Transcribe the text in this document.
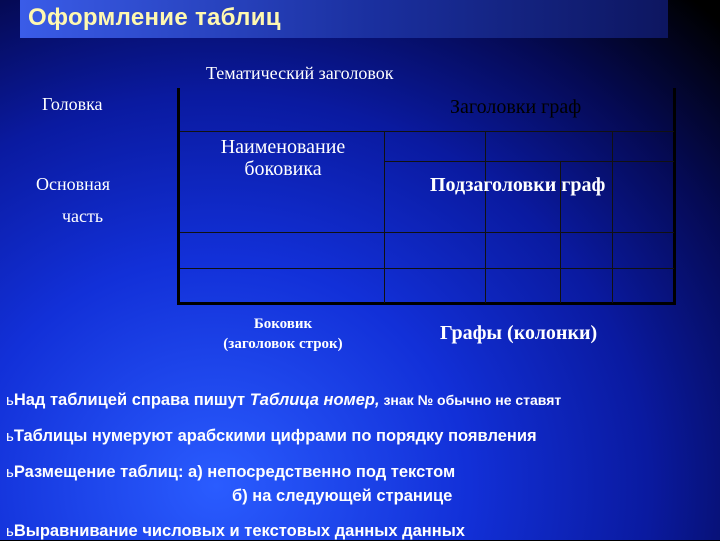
Оформление таблиц
Тематический заголовок
Головка
Основная
часть
Заголовки граф
Наименование
боковика
Подзаголовки граф
Боковик
(заголовок строк)	Графы (колонки)
ьНад таблицей справа пишут Таблица номер, знак № обычно не ставят
ьТаблицы нумеруют арабскими цифрами по порядку появления
ьРазмещение таблиц: а) непосредственно под текстом
б) на следующей странице
ьВыравнивание числовых и текстовых данных данных
